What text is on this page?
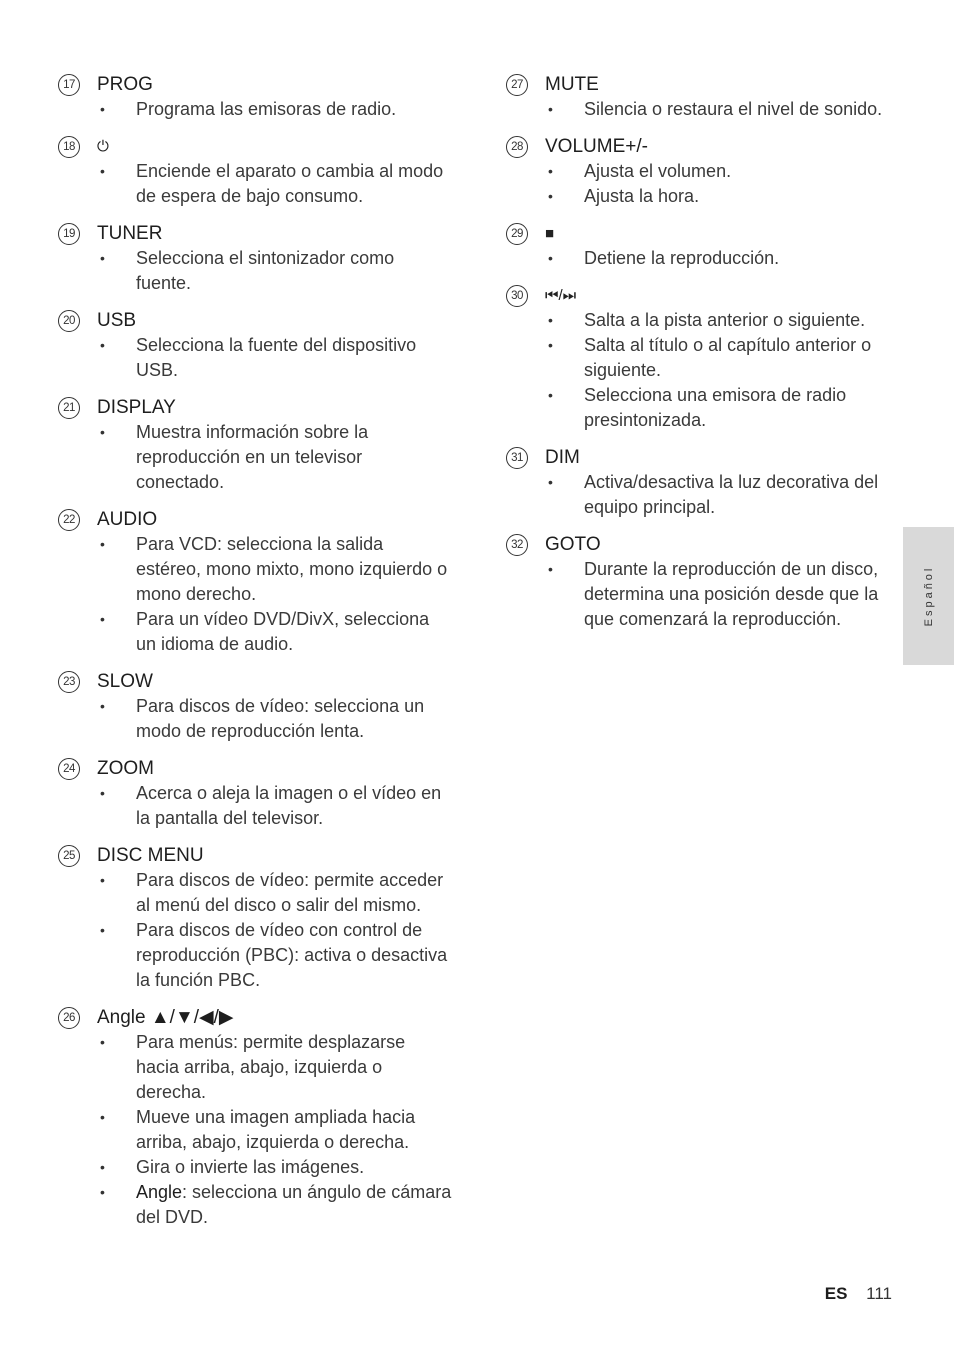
17 PROG
• Programa las emisoras de radio.
18	⏻
• Enciende el aparato o cambia al modo de espera de bajo consumo.
19 TUNER
• Selecciona el sintonizador como fuente.
20 USB
• Selecciona la fuente del dispositivo USB.
21 DISPLAY
• Muestra información sobre la reproducción en un televisor conectado.
22 AUDIO
• Para VCD: selecciona la salida estéreo, mono mixto, mono izquierdo o mono derecho.
• Para un vídeo DVD/DivX, selecciona un idioma de audio.
23 SLOW
• Para discos de vídeo: selecciona un modo de reproducción lenta.
24 ZOOM
• Acerca o aleja la imagen o el vídeo en la pantalla del televisor.
25 DISC MENU
• Para discos de vídeo: permite acceder al menú del disco o salir del mismo.
• Para discos de vídeo con control de reproducción (PBC): activa o desactiva la función PBC.
26 Angle ▲/▼/◀/▶
• Para menús: permite desplazarse hacia arriba, abajo, izquierda o derecha.
• Mueve una imagen ampliada hacia arriba, abajo, izquierda o derecha.
• Gira o invierte las imágenes.
• Angle: selecciona un ángulo de cámara del DVD.
27 MUTE
• Silencia o restaura el nivel de sonido.
28 VOLUME+/-
• Ajusta el volumen.
• Ajusta la hora.
29	■
• Detiene la reproducción.
30	⏮/⏭
• Salta a la pista anterior o siguiente.
• Salta al título o al capítulo anterior o siguiente.
• Selecciona una emisora de radio presintonizada.
31 DIM
• Activa/desactiva la luz decorativa del equipo principal.
32 GOTO
• Durante la reproducción de un disco, determina una posición desde que la que comenzará la reproducción.	Español
ES 111
